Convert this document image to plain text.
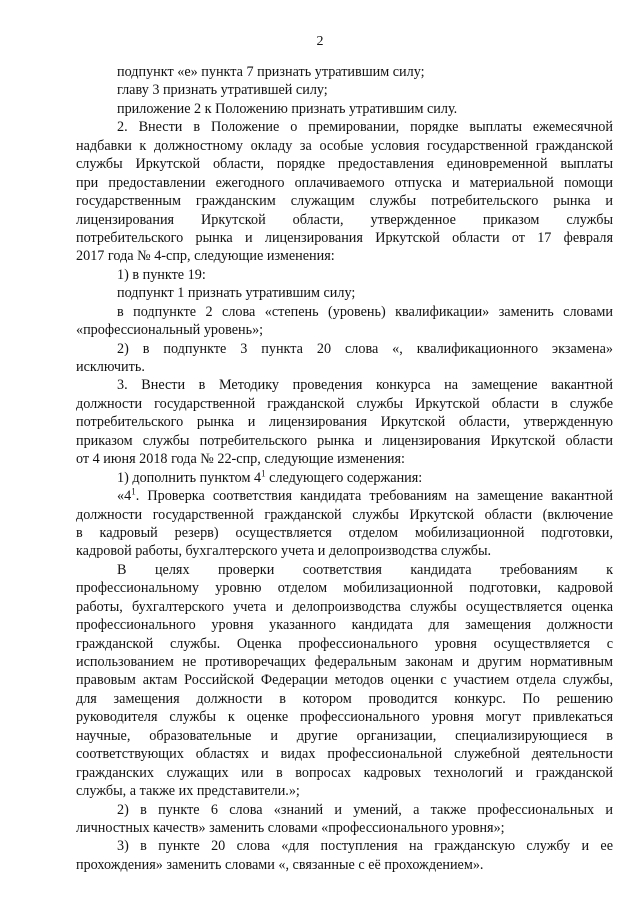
2
подпункт «е» пункта 7 признать утратившим силу;
главу 3 признать утратившей силу;
приложение 2 к Положению признать утратившим силу.
2. Внести в Положение о премировании, порядке выплаты ежемесячной
надбавки к должностному окладу за особые условия государственной гражданской
службы Иркутской области, порядке предоставления единовременной выплаты
при предоставлении ежегодного оплачиваемого отпуска и материальной помощи
государственным гражданским служащим службы потребительского рынка и
лицензирования Иркутской области, утвержденное приказом службы
потребительского рынка и лицензирования Иркутской области от 17 февраля
2017 года № 4-спр, следующие изменения:
1) в пункте 19:
подпункт 1 признать утратившим силу;
в подпункте 2 слова «степень (уровень) квалификации» заменить словами
«профессиональный уровень»;
2) в подпункте 3 пункта 20 слова «, квалификационного экзамена»
исключить.
3. Внести в Методику проведения конкурса на замещение вакантной
должности государственной гражданской службы Иркутской области в службе
потребительского рынка и лицензирования Иркутской области, утвержденную
приказом службы потребительского рынка и лицензирования Иркутской области
от 4 июня 2018 года № 22-спр, следующие изменения:
1) дополнить пунктом $4^1$ следующего содержания:
«$4^1$. Проверка соответствия кандидата требованиям на замещение вакантной
должности государственной гражданской службы Иркутской области (включение
в кадровый резерв) осуществляется отделом мобилизационной подготовки,
кадровой работы, бухгалтерского учета и делопроизводства службы.
В целях проверки соответствия кандидата требованиям к
профессиональному уровню отделом мобилизационной подготовки, кадровой
работы, бухгалтерского учета и делопроизводства службы осуществляется оценка
профессионального уровня указанного кандидата для замещения должности
гражданской службы. Оценка профессионального уровня осуществляется с
использованием не противоречащих федеральным законам и другим нормативным
правовым актам Российской Федерации методов оценки с участием отдела службы,
для замещения должности в котором проводится конкурс. По решению
руководителя службы к оценке профессионального уровня могут привлекаться
научные, образовательные и другие организации, специализирующиеся в
соответствующих областях и видах профессиональной служебной деятельности
гражданских служащих или в вопросах кадровых технологий и гражданской
службы, а также их представители.»;
2) в пункте 6 слова «знаний и умений, а также профессиональных и
личностных качеств» заменить словами «профессионального уровня»;
3) в пункте 20 слова «для поступления на гражданскую службу и ее
прохождения» заменить словами «, связанные с её прохождением».
